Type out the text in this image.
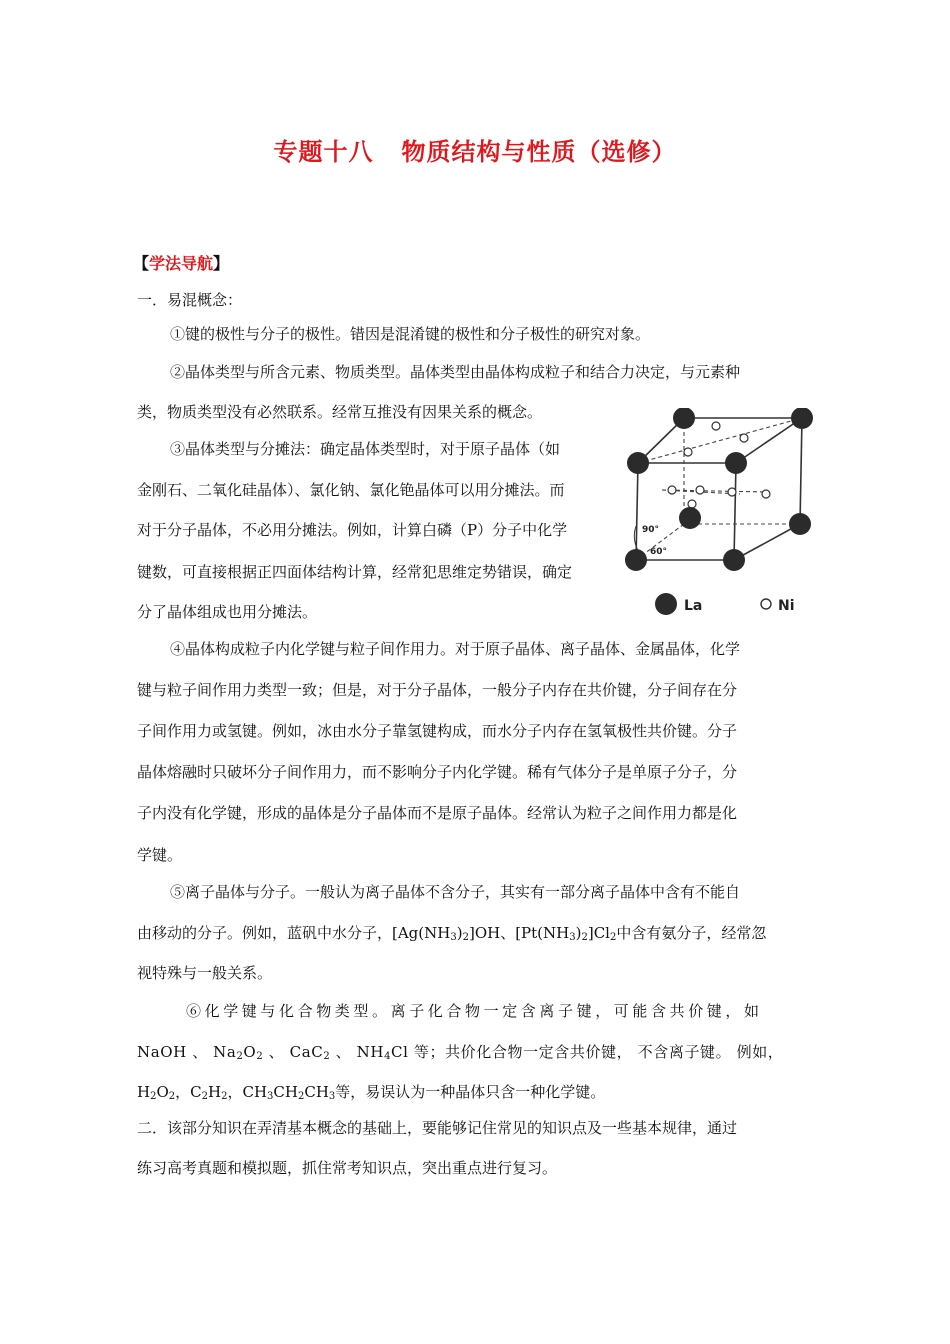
专题十八 物质结构与性质（选修）
【学法导航】
一．易混概念：
①键的极性与分子的极性。错因是混淆键的极性和分子极性的研究对象。
②晶体类型与所含元素、物质类型。晶体类型由晶体构成粒子和结合力决定，与元素种
类，物质类型没有必然联系。经常互推没有因果关系的概念。
③晶体类型与分摊法：确定晶体类型时，对于原子晶体（如
金刚石、二氧化硅晶体）、氯化钠、氯化铯晶体可以用分摊法。而
对于分子晶体，不必用分摊法。例如，计算白磷（P）分子中化学
键数，可直接根据正四面体结构计算，经常犯思维定势错误，确定
分了晶体组成也用分摊法。
90°
60°
La	Ni
④晶体构成粒子内化学键与粒子间作用力。对于原子晶体、离子晶体、金属晶体，化学
键与粒子间作用力类型一致；但是，对于分子晶体，一般分子内存在共价键，分子间存在分
子间作用力或氢键。例如，冰由水分子靠氢键构成，而水分子内存在氢氧极性共价键。分子
晶体熔融时只破坏分子间作用力，而不影响分子内化学键。稀有气体分子是单原子分子，分
子内没有化学键，形成的晶体是分子晶体而不是原子晶体。经常认为粒子之间作用力都是化
学键。
⑤离子晶体与分子。一般认为离子晶体不含分子，其实有一部分离子晶体中含有不能自
由移动的分子。例如，蓝矾中水分子，$[Ag(NH_3)_2]OH$、$[Pt(NH_3)_2]Cl_2$中含有氨分子，经常忽
视特殊与一般关系。
⑥化学键与化合物类型。离子化合物一定含离子键，可能含共价键，如
NaOH 、 $Na_2O_2$ 、 CaC$_2$ 、 $NH_4Cl$ 等；共价化合物一定含共价键， 不含离子键。 例如，
$H_2O_2$，$C_2H_2$，$CH_3CH_2CH_3$等，易误认为一种晶体只含一种化学键。
二．该部分知识在弄清基本概念的基础上，要能够记住常见的知识点及一些基本规律，通过
练习高考真题和模拟题，抓住常考知识点，突出重点进行复习。
